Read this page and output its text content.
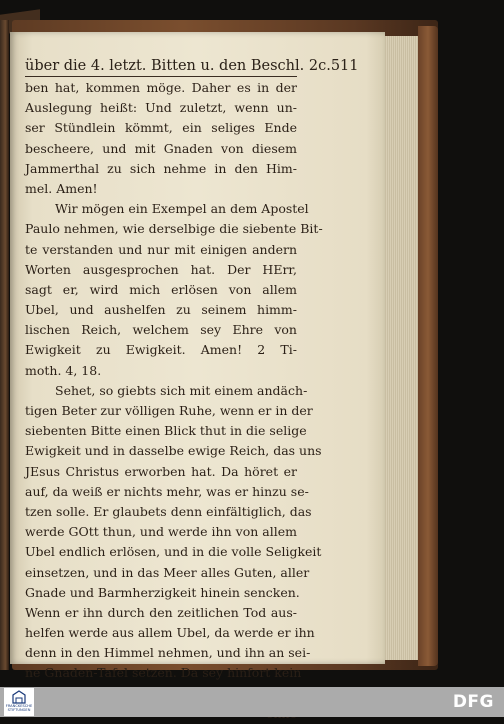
über die 4. letzt. Bitten u. den Beschl. 2c. 511
ben hat, kommen möge. Daher es in der
Auslegung heißt: Und zuletzt, wenn un-
ser Stündlein kömmt, ein seliges Ende
bescheere, und mit Gnaden von diesem
Jammerthal zu sich nehme in den Him-
mel. Amen!
Wir mögen ein Exempel an dem Apostel
Paulo nehmen, wie derselbige die siebente Bit-
te verstanden und nur mit einigen andern
Worten ausgesprochen hat. Der HErr,
sagt er, wird mich erlösen von allem
Ubel, und aushelfen zu seinem himm-
lischen Reich, welchem sey Ehre von
Ewigkeit zu Ewigkeit. Amen! 2 Ti-
moth. 4, 18.
Sehet, so giebts sich mit einem andäch-
tigen Beter zur völligen Ruhe, wenn er in der
siebenten Bitte einen Blick thut in die selige
Ewigkeit und in dasselbe ewige Reich, das uns
JEsus Christus erworben hat. Da höret er
auf, da weiß er nichts mehr, was er hinzu se-
tzen solle. Er glaubets denn einfältiglich, das
werde GOtt thun, und werde ihn von allem
Ubel endlich erlösen, und in die volle Seligkeit
einsetzen, und in das Meer alles Guten, aller
Gnade und Barmherzigkeit hinein sencken.
Wenn er ihn durch den zeitlichen Tod aus-
helfen werde aus allem Ubel, da werde er ihn
denn in den Himmel nehmen, und ihn an sei-
ne Gnaden-Tafel setzen. Da sey hinfort kein
FRANCKESCHE
STIFTUNGEN	DFG
